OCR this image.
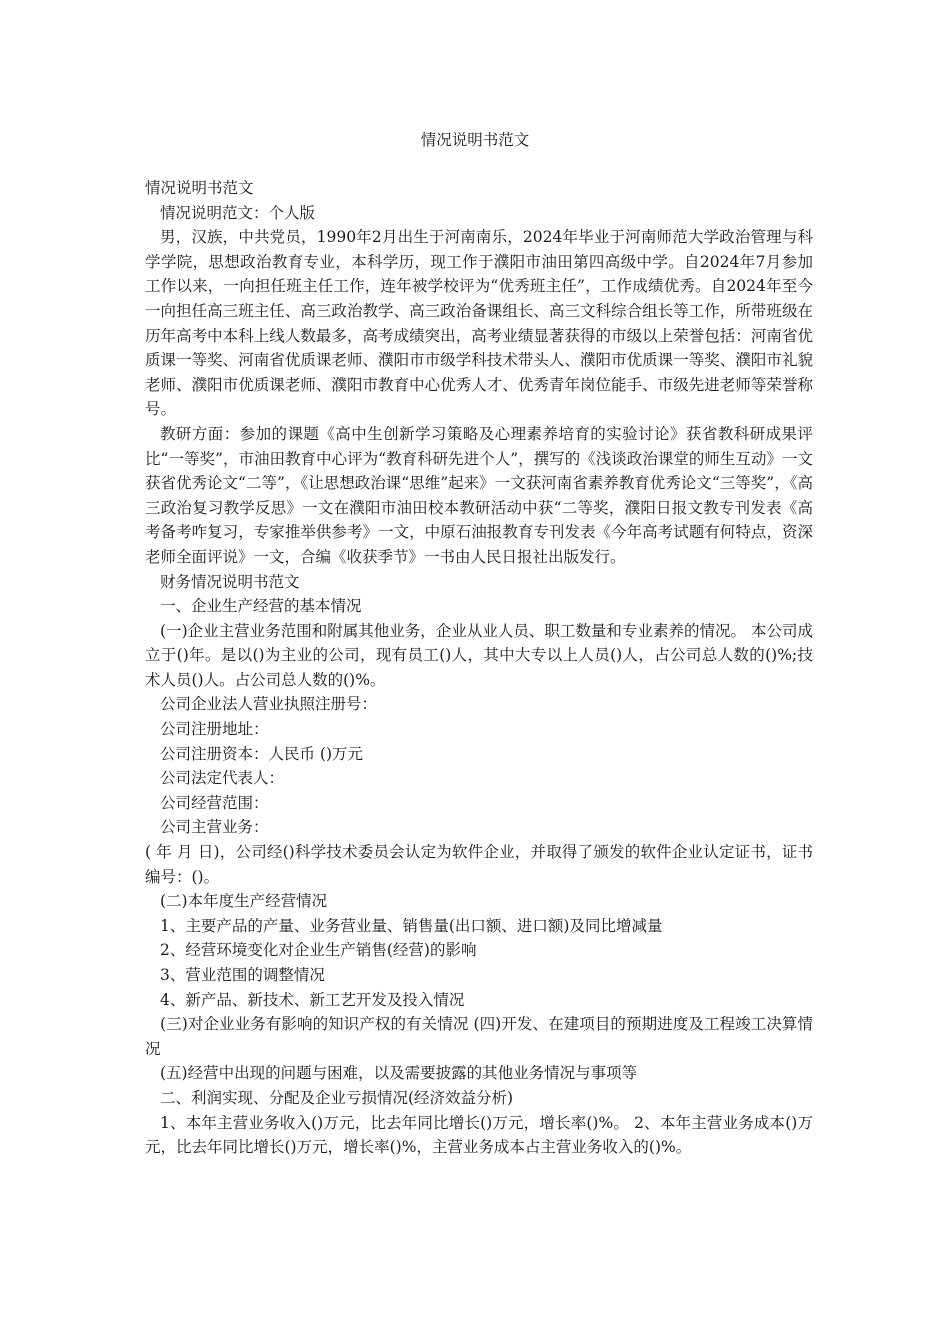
情况说明书范文

情况说明书范文

情况说明范文：个人版

男，汉族，中共党员，1990年2月出生于河南南乐，2024年毕业于河南师范大学政治管理与科学学院，思想政治教育专业，本科学历，现工作于濮阳市油田第四高级中学。自2024年7月参加工作以来，一向担任班主任工作，连年被学校评为“优秀班主任”，工作成绩优秀。自2024年至今一向担任高三班主任、高三政治教学、高三政治备课组长、高三文科综合组长等工作，所带班级在历年高考中本科上线人数最多，高考成绩突出，高考业绩显著获得的市级以上荣誉包括：河南省优质课一等奖、河南省优质课老师、濮阳市市级学科技术带头人、濮阳市优质课一等奖、濮阳市礼貌老师、濮阳市优质课老师、濮阳市教育中心优秀人才、优秀青年岗位能手、市级先进老师等荣誉称号。

教研方面：参加的课题《高中生创新学习策略及心理素养培育的实验讨论》获省教科研成果评比“一等奖”，市油田教育中心评为“教育科研先进个人”，撰写的《浅谈政治课堂的师生互动》一文获省优秀论文“二等”，《让思想政治课“思维”起来》一文获河南省素养教育优秀论文“三等奖”，《高三政治复习教学反思》一文在濮阳市油田校本教研活动中获“二等奖，濮阳日报文教专刊发表《高考备考咋复习，专家推举供参考》一文，中原石油报教育专刊发表《今年高考试题有何特点，资深老师全面评说》一文，合编《收获季节》一书由人民日报社出版发行。

财务情况说明书范文

一、企业生产经营的基本情况

(一)企业主营业务范围和附属其他业务，企业从业人员、职工数量和专业素养的情况。 本公司成立于()年。是以()为主业的公司，现有员工()人，其中大专以上人员()人，占公司总人数的()%;技术人员()人。占公司总人数的()%。

公司企业法人营业执照注册号：

公司注册地址：

公司注册资本：人民币 ()万元

公司法定代表人：

公司经营范围：

公司主营业务：

( 年 月 日)，公司经()科学技术委员会认定为软件企业，并取得了颁发的软件企业认定证书，证书编号：()。

(二)本年度生产经营情况

1、主要产品的产量、业务营业量、销售量(出口额、进口额)及同比增减量

2、经营环境变化对企业生产销售(经营)的影响

3、营业范围的调整情况

4、新产品、新技术、新工艺开发及投入情况

(三)对企业业务有影响的知识产权的有关情况 (四)开发、在建项目的预期进度及工程竣工决算情况

(五)经营中出现的问题与困难，以及需要披露的其他业务情况与事项等

二、利润实现、分配及企业亏损情况(经济效益分析)

1、本年主营业务收入()万元，比去年同比增长()万元，增长率()%。 2、本年主营业务成本()万元，比去年同比增长()万元，增长率()%，主营业务成本占主营业务收入的()%。
